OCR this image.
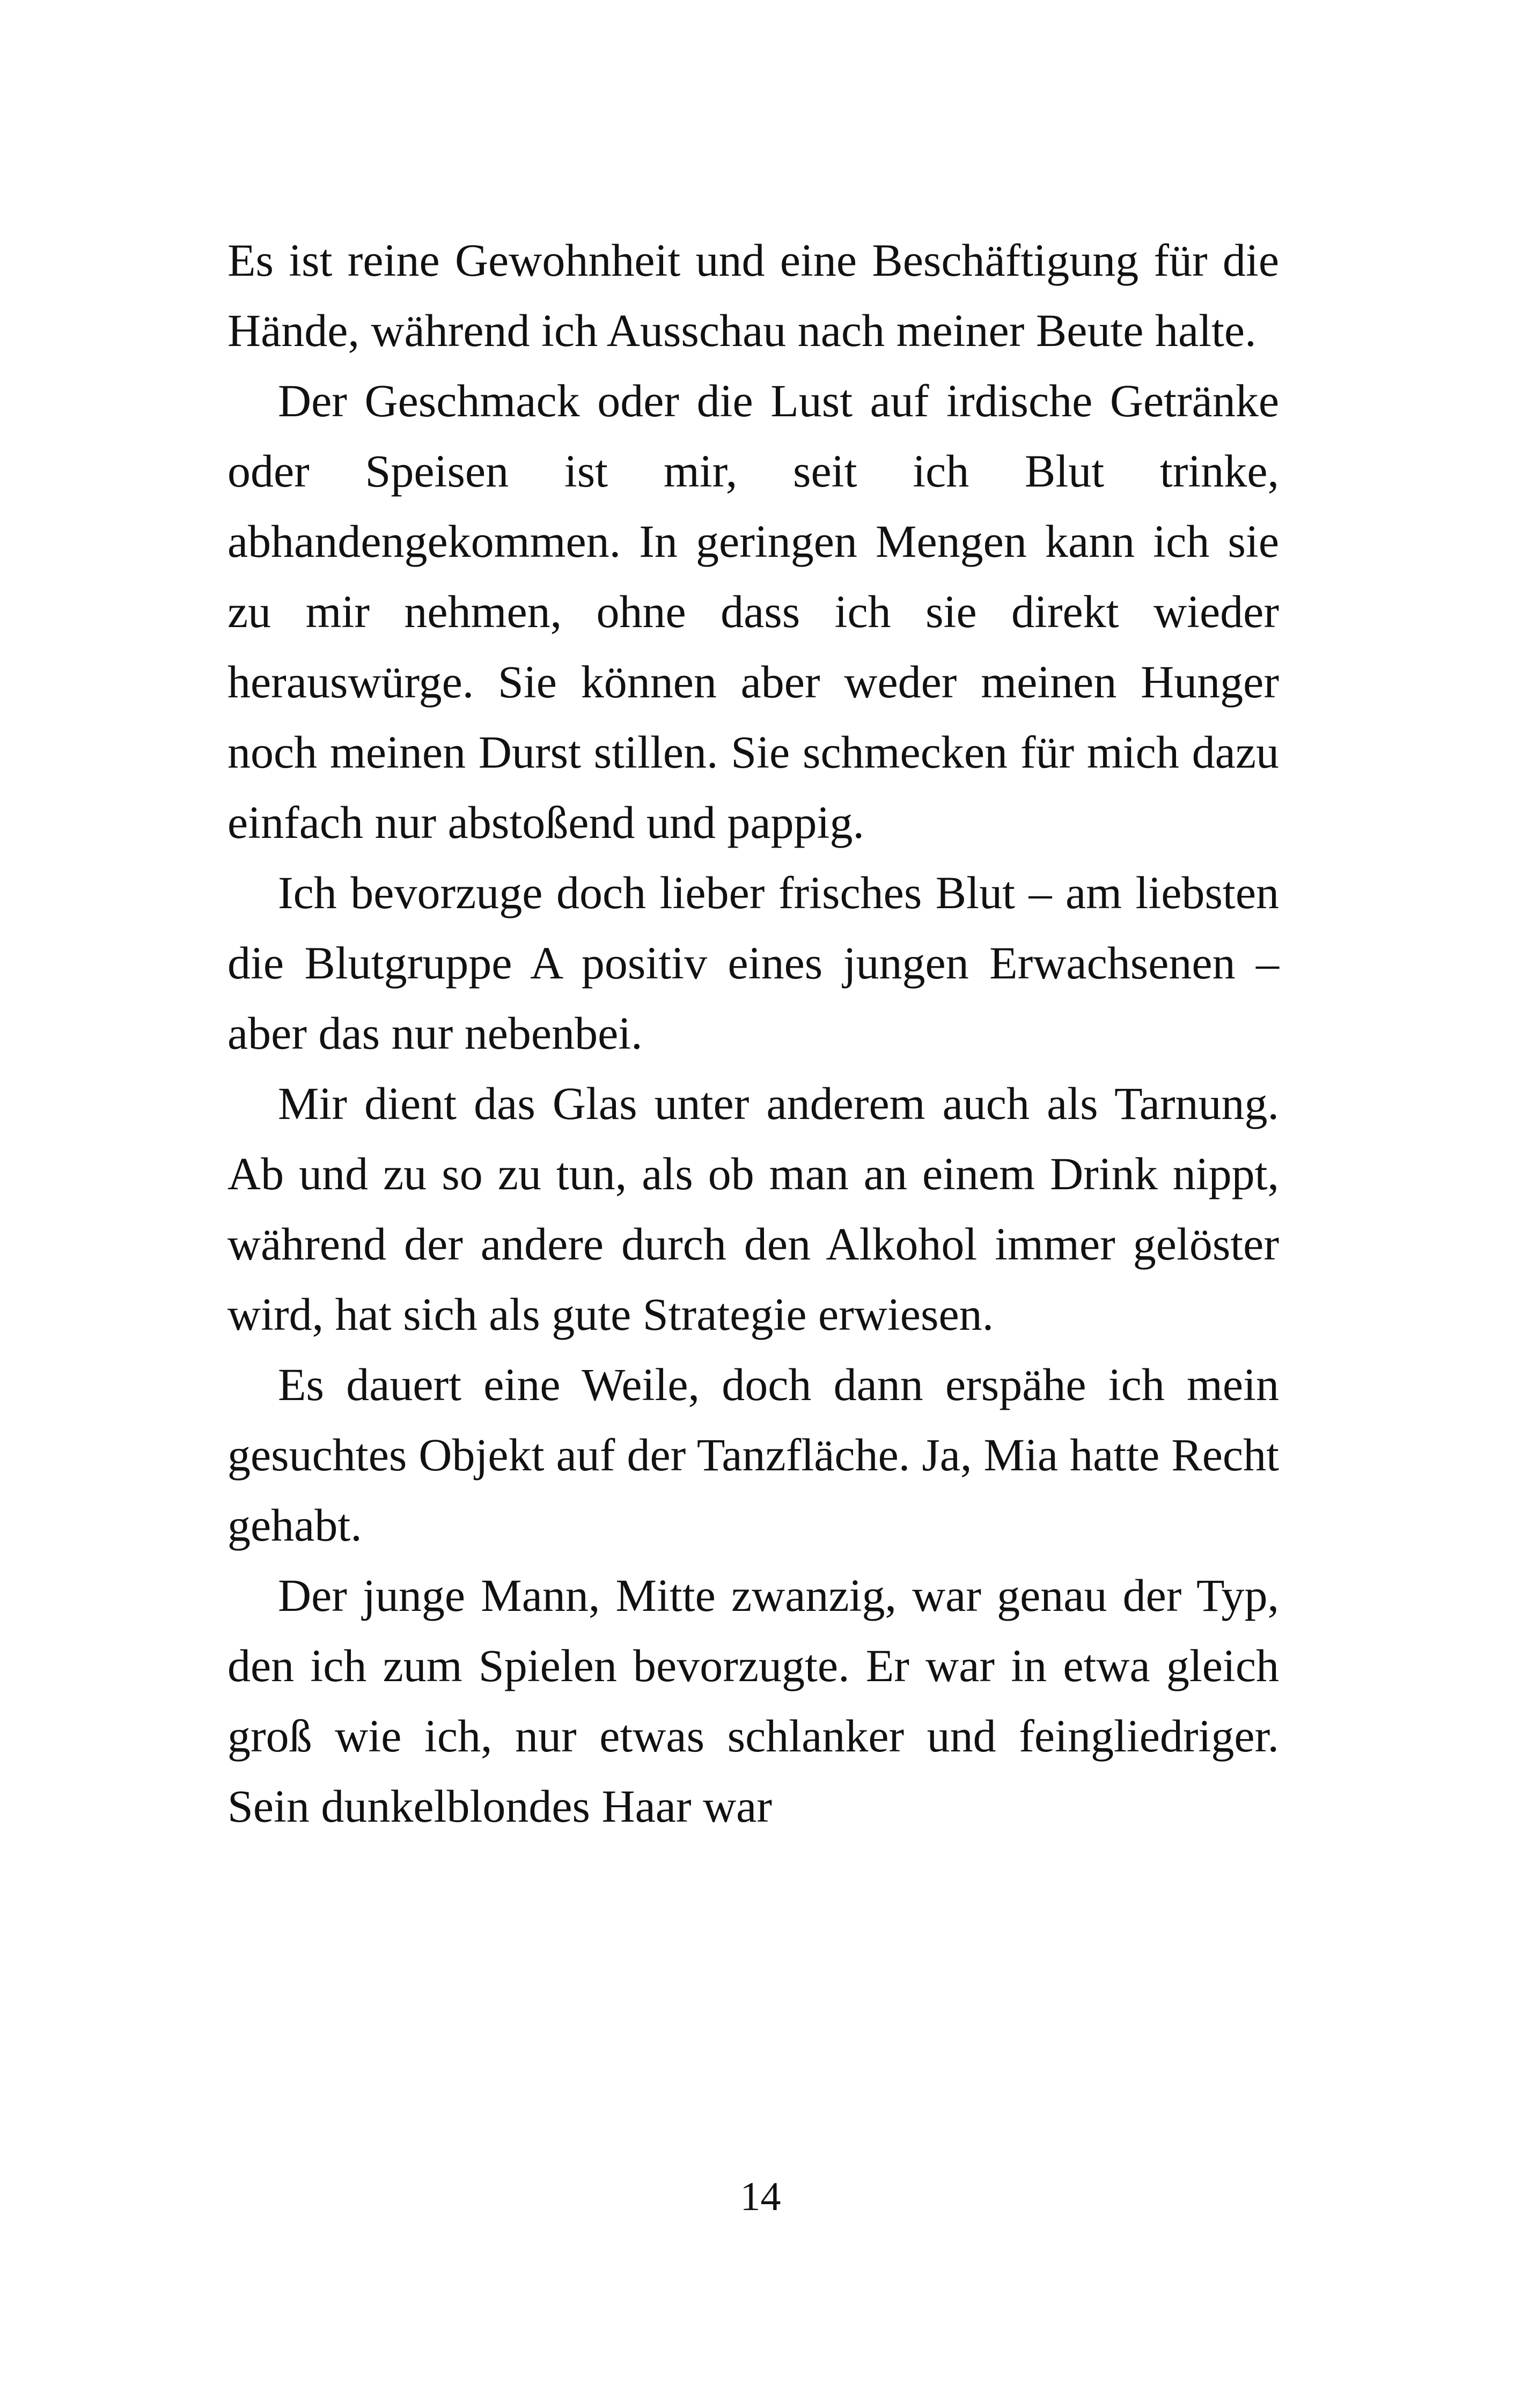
Es ist reine Gewohnheit und eine Beschäftigung für die Hände, während ich Ausschau nach meiner Beute halte.

Der Geschmack oder die Lust auf irdische Getränke oder Speisen ist mir, seit ich Blut trinke, abhandengekommen. In geringen Mengen kann ich sie zu mir nehmen, ohne dass ich sie direkt wieder herauswürge. Sie können aber weder meinen Hunger noch meinen Durst stillen. Sie schmecken für mich dazu einfach nur abstoßend und pappig.

Ich bevorzuge doch lieber frisches Blut – am liebsten die Blutgruppe A positiv eines jungen Erwachsenen – aber das nur nebenbei.

Mir dient das Glas unter anderem auch als Tarnung. Ab und zu so zu tun, als ob man an einem Drink nippt, während der andere durch den Alkohol immer gelöster wird, hat sich als gute Strategie erwiesen.

Es dauert eine Weile, doch dann erspähe ich mein gesuchtes Objekt auf der Tanzfläche. Ja, Mia hatte Recht gehabt.

Der junge Mann, Mitte zwanzig, war genau der Typ, den ich zum Spielen bevorzugte. Er war in etwa gleich groß wie ich, nur etwas schlanker und feingliedriger. Sein dunkelblondes Haar war

14
